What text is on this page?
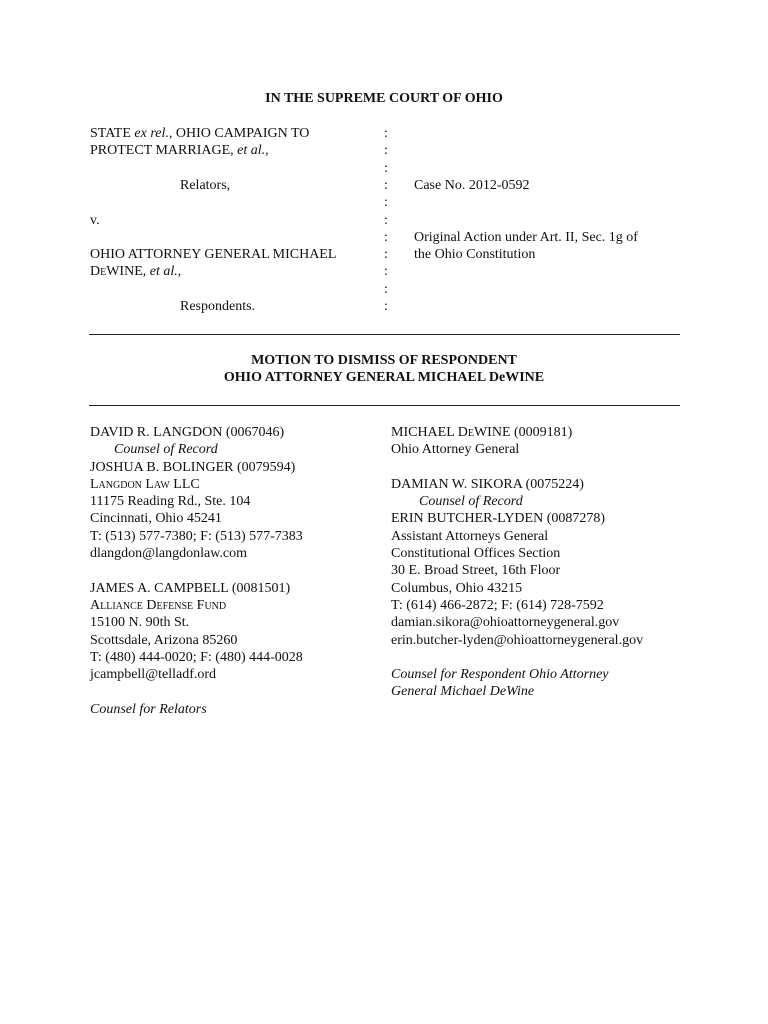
IN THE SUPREME COURT OF OHIO
STATE ex rel., OHIO CAMPAIGN TO
PROTECT MARRIAGE, et al.,
Relators,
v.
OHIO ATTORNEY GENERAL MICHAEL
DeWINE, et al.,
Respondents.
:
:
:
:
:
:
:
:
:
:
:
Case No. 2012-0592
Original Action under Art. II, Sec. 1g of
the Ohio Constitution
MOTION TO DISMISS OF RESPONDENT
OHIO ATTORNEY GENERAL MICHAEL DeWINE
DAVID R. LANGDON (0067046)
Counsel of Record
JOSHUA B. BOLINGER (0079594)
Langdon Law LLC
11175 Reading Rd., Ste. 104
Cincinnati, Ohio 45241
T: (513) 577-7380; F: (513) 577-7383
dlangdon@langdonlaw.com
JAMES A. CAMPBELL (0081501)
Alliance Defense Fund
15100 N. 90th St.
Scottsdale, Arizona 85260
T: (480) 444-0020; F: (480) 444-0028
jcampbell@telladf.ord
Counsel for Relators
MICHAEL DeWINE (0009181)
Ohio Attorney General
DAMIAN W. SIKORA (0075224)
Counsel of Record
ERIN BUTCHER-LYDEN (0087278)
Assistant Attorneys General
Constitutional Offices Section
30 E. Broad Street, 16th Floor
Columbus, Ohio 43215
T: (614) 466-2872; F: (614) 728-7592
damian.sikora@ohioattorneygeneral.gov
erin.butcher-lyden@ohioattorneygeneral.gov
Counsel for Respondent Ohio Attorney
General Michael DeWine
